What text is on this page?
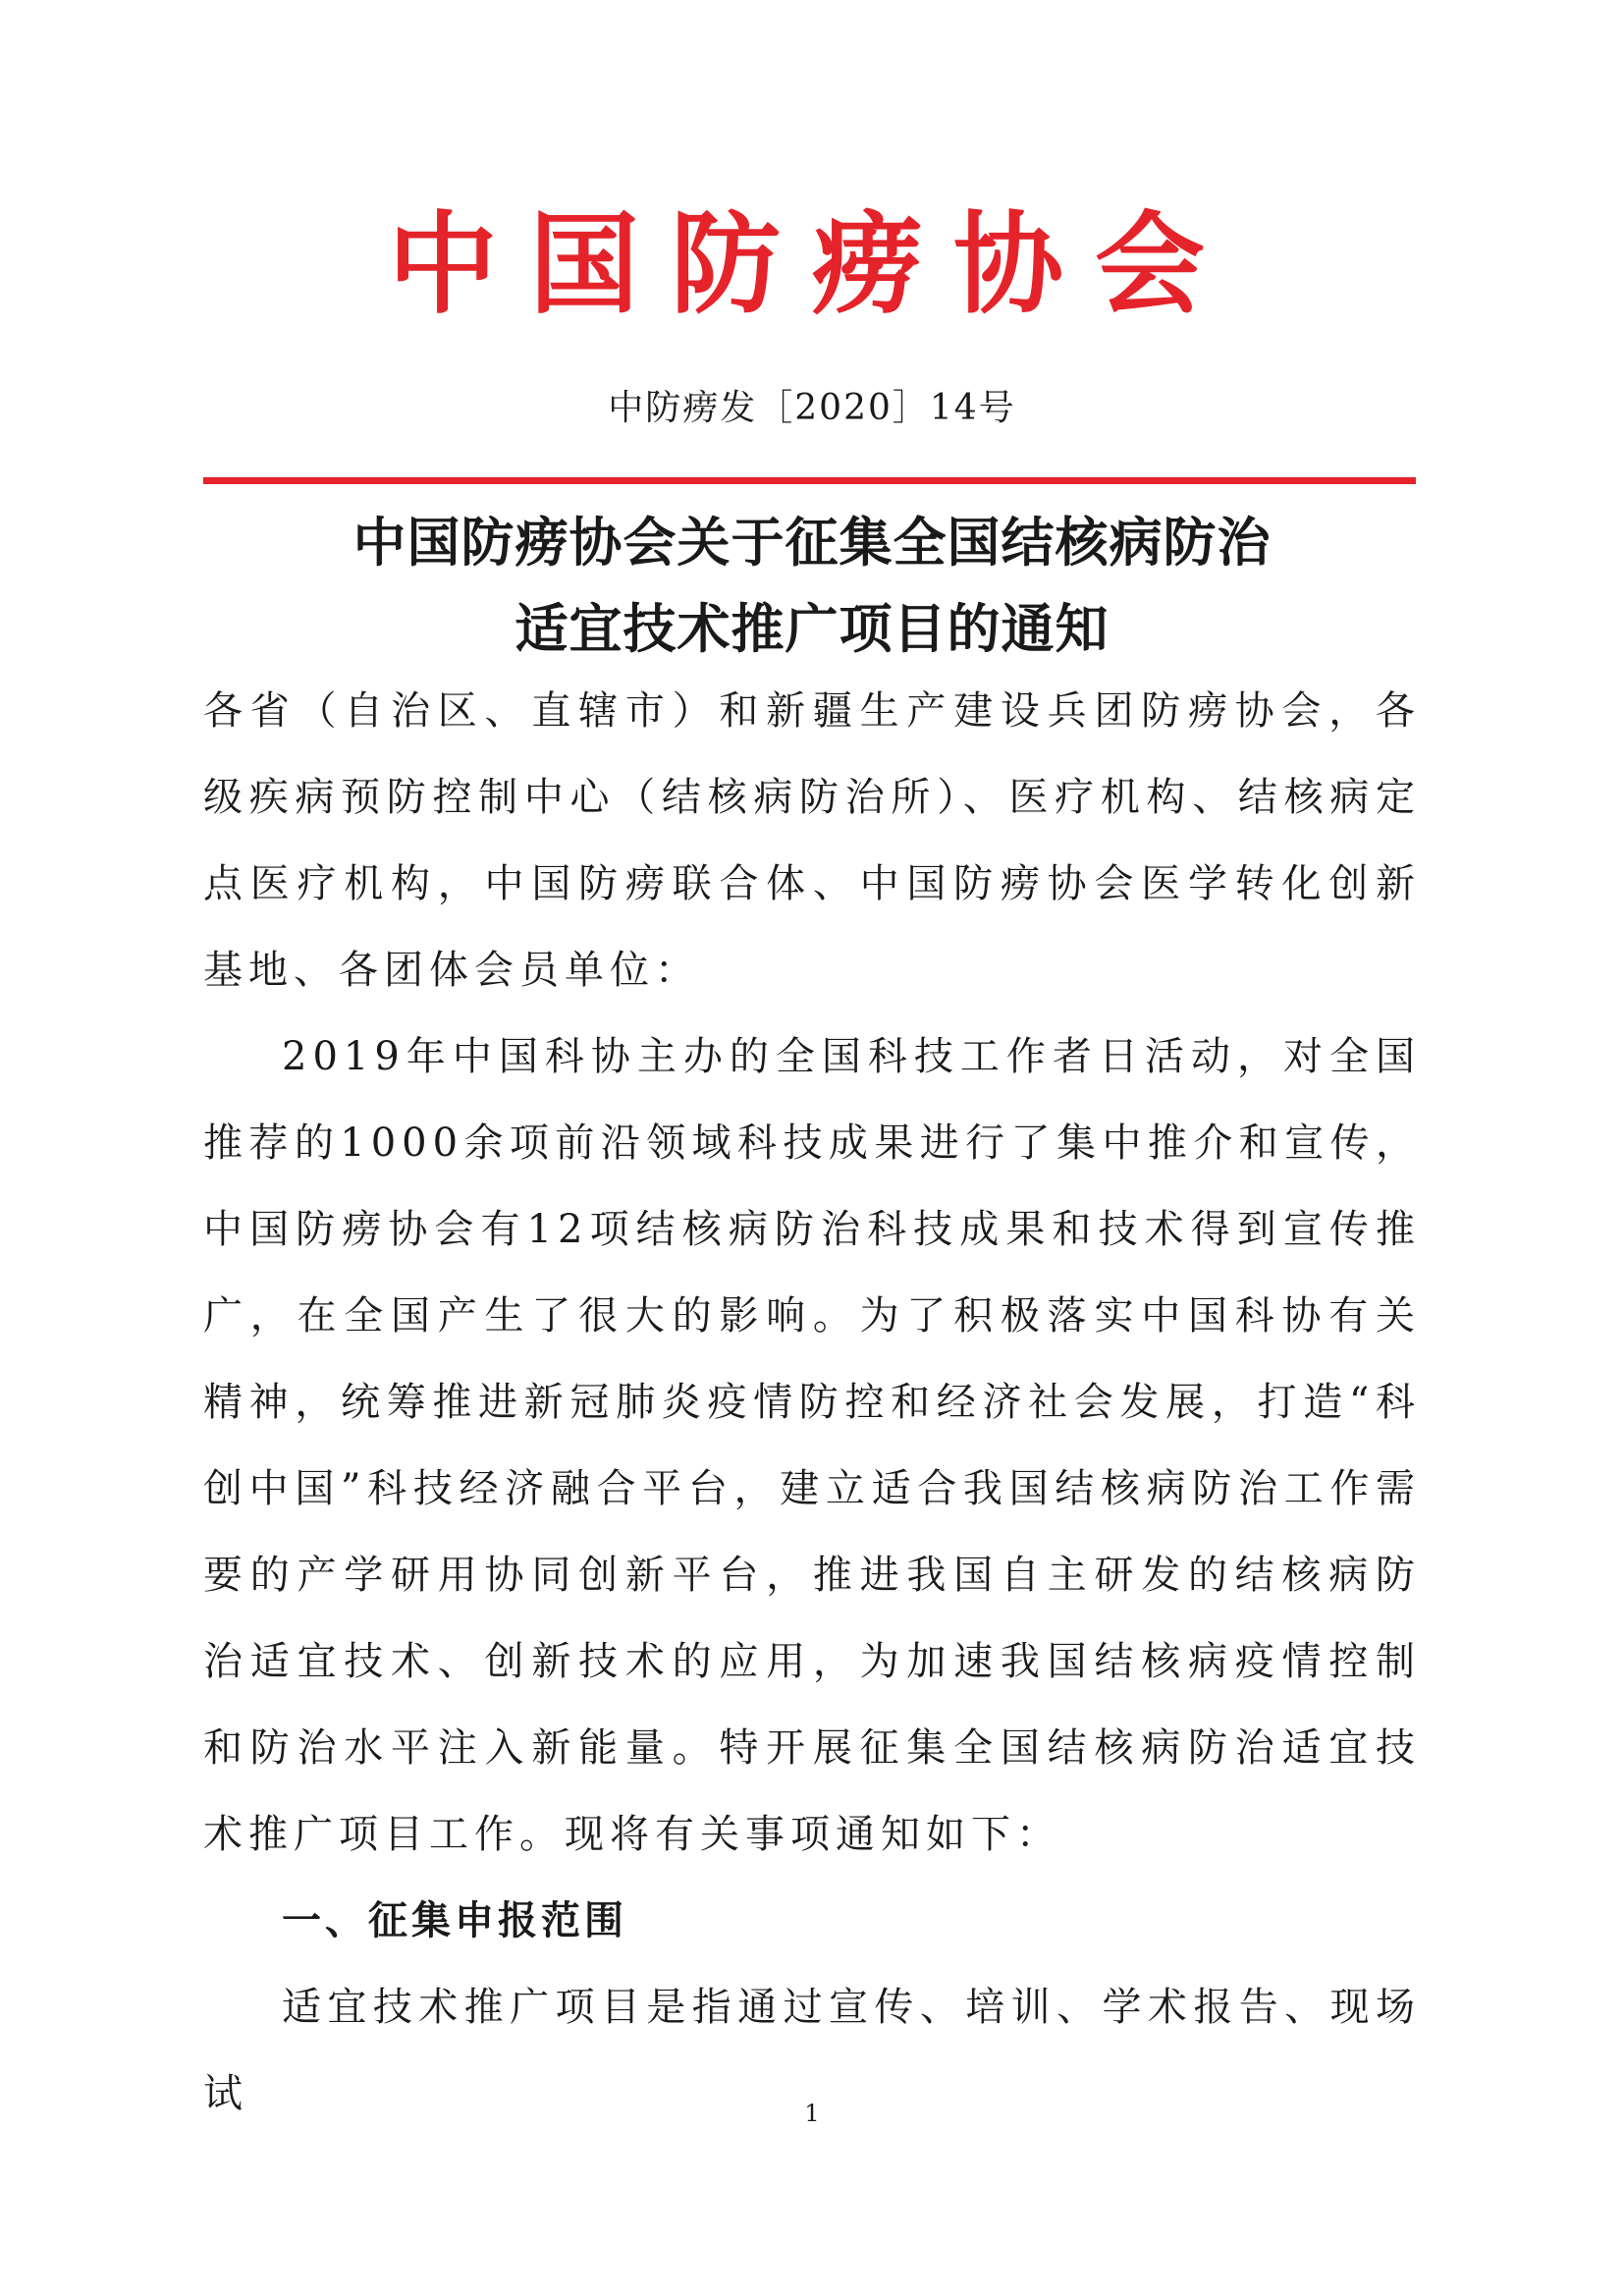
中国防痨协会
中防痨发［2020］14号
中国防痨协会关于征集全国结核病防治
适宜技术推广项目的通知

各省（自治区、直辖市）和新疆生产建设兵团防痨协会，各级疾病预防控制中心（结核病防治所）、医疗机构、结核病定点医疗机构，中国防痨联合体、中国防痨协会医学转化创新基地、各团体会员单位：

2019年中国科协主办的全国科技工作者日活动，对全国推荐的1000余项前沿领域科技成果进行了集中推介和宣传，中国防痨协会有12项结核病防治科技成果和技术得到宣传推广，在全国产生了很大的影响。为了积极落实中国科协有关精神，统筹推进新冠肺炎疫情防控和经济社会发展，打造“科创中国”科技经济融合平台，建立适合我国结核病防治工作需要的产学研用协同创新平台，推进我国自主研发的结核病防治适宜技术、创新技术的应用，为加速我国结核病疫情控制和防治水平注入新能量。特开展征集全国结核病防治适宜技术推广项目工作。现将有关事项通知如下：

一、征集申报范围

适宜技术推广项目是指通过宣传、培训、学术报告、现场试	1
